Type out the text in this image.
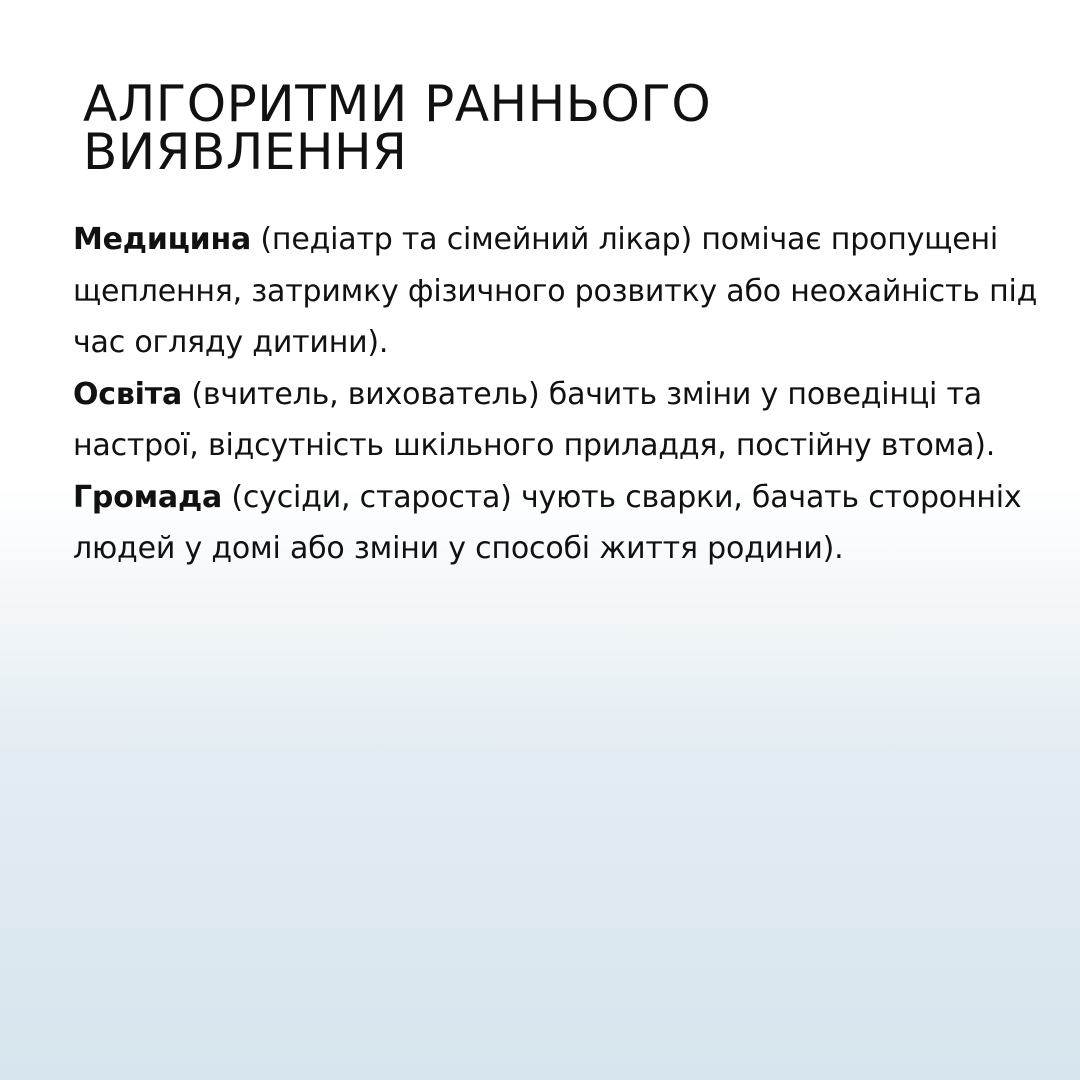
АЛГОРИТМИ РАННЬОГО
ВИЯВЛЕННЯ

Медицина (педіатр та сімейний лікар) помічає пропущені щеплення, затримку фізичного розвитку або неохайність під час огляду дитини).

Освіта (вчитель, вихователь) бачить зміни у поведінці та настрої, відсутність шкільного приладдя, постійну втома).

Громада (сусіди, староста) чують сварки, бачать сторонніх людей у домі або зміни у способі життя родини).
